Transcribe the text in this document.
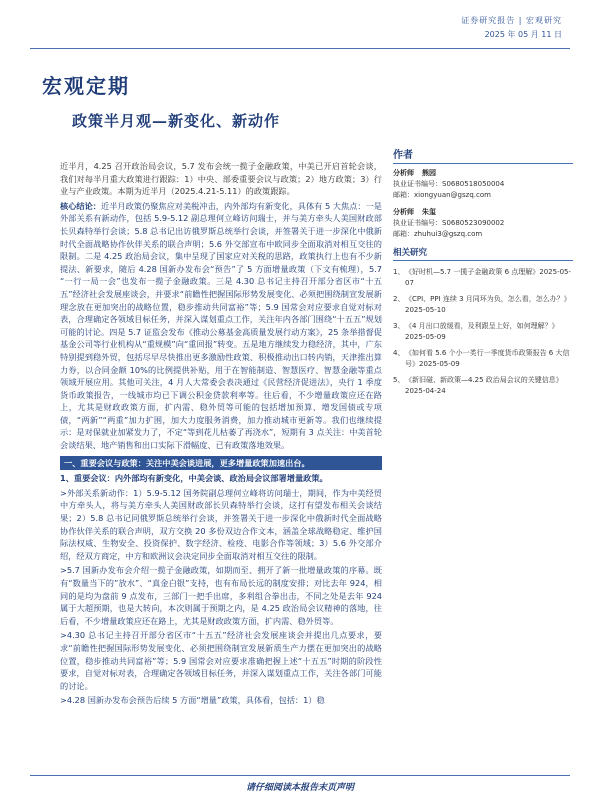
证券研究报告 | 宏观研究
2025 年 05 月 11 日
宏观定期
政策半月观—新变化、新动作

近半月，4.25 召开政治局会议，5.7 发布会统一揽子金融政策，中美已开启首轮会谈，我们对每半月重大政策进行跟踪：1）中央、部委重要会议与政策；2）地方政策；3）行业与产业政策。本期为近半月（2025.4.21-5.11）的政策跟踪。

核心结论：近半月政策仍聚焦应对美税冲击，内外部均有新变化，具体有 5 大焦点：一是外部关系有新动作，包括 5.9-5.12 副总理何立峰访问瑞士，并与美方牵头人美国财政部长贝森特举行会谈；5.8 总书记出访俄罗斯总统举行会谈，并签署关于进一步深化中俄新时代全面战略协作伙伴关系的联合声明；5.6 外交部宣布中欧同步全面取消对相互交往的限制。二是 4.25 政治局会议，集中呈现了国家应对关税的思路，政策执行上也有不少新提法、新要求，随后 4.28 国新办发布会“预告”了 5 方面增量政策（下文有梳理），5.7 “一行一局一会”也发布一揽子金融政策。三是 4.30 总书记主持召开部分省区市“十五五”经济社会发展座谈会，并要求“前瞻性把握国际形势发展变化、必须把围绕制宣发展新理念放在更加突出的战略位置，稳步推动共同富裕”等；5.9 国常会对应要求自觉对标对表，合理确定各领域目标任务，并深入谋划重点工作，关注年内各部门围绕“十五五”规划可能的讨论。四是 5.7 证监会发布《推动公募基金高质量发展行动方案》，25 条举措督促基金公司等行业机构从“重规模”向“重回报”转变。五是地方继续发力稳经济，其中，广东特别提到稳外贸，包括尽早尽快推出更多激励性政策、积极推动出口转内销，天津推出算力券，以合同金额 10%的比例提供补贴，用于在智能制造、智慧医疗、智慧金融等重点领域开展应用。其他可关注，4 月人大常委会表决通过《民营经济促进法》，央行 1 季度货币政策报告，一线城市均已下调公积金贷款利率等。往后看，不少增量政策应还在路上，尤其是财政政策方面，扩内需、稳外贸等可能的包括增加预算、增发国债或专项债，“两新”“两重”加力扩围，加大力度服务消费，加力推动城市更新等。我们也继续提示：是对保就业加紧发力了，不定“等到花儿枯萎了再浇水”，短期有 3 点关注：中美首轮会谈结果、地产销售和出口实际下滑幅度、已有政策落地效果。

一、重要会议与政策：关注中美会谈进展，更多增量政策加速出台。
1、重要会议：内外部均有新变化，中美会谈、政治局会议部署增量政策。

>外部关系新动作：1）5.9-5.12 国务院副总理何立峰将访问瑞士，期间，作为中美经贸中方牵头人，将与美方牵头人美国财政部长贝森特举行会谈，这打有望发布相关会谈结果；2）5.8 总书记同俄罗斯总统举行会谈，并签署关于进一步深化中俄新时代全面战略协作伙伴关系的联合声明，双方交换 20 多份双边合作文本，涵盖全球战略稳定、维护国际法权威、生物安全、投资保护、数字经济、检疫、电影合作等领域；3）5.6 外交部介绍，经双方商定，中方和欧洲议会决定同步全面取消对相互交往的限制。

>5.7 国新办发布会介绍一揽子金融政策，如期而至、拥开了新一批增量政策的序幕。既有“数量当下的”放水”、“真金白银”支持，也有布局长远的制度安排；对比去年 924，相同的是均为盘前 9 点发布，三部门一把手出席，多利组合拳出击，不同之处是去年 924 属于大超预期，也是大转向，本次则属于预期之内，是 4.25 政治局会议精神的落地，往后看，不少增量政策应还在路上，尤其是财政政策方面，扩内需、稳外贸等。

>4.30 总书记主持召开部分省区市“十五五”经济社会发展座谈会并提出几点要求，要求“前瞻性把握国际形势发展变化、必须把围绕制宣发展新质生产力摆在更加突出的战略位置，稳步推动共同富裕”等；5.9 国常会对应要求准确把握上述“十五五”时期的阶段性要求，自觉对标对表，合理确定各领域目标任务，并深入谋划重点工作，关注各部门可能的讨论。

>4.28 国新办发布会预告后续 5 方面“增量”政策，具体看，包括：1）稳

作者
分析师 熊园
执业证书编号：S0680518050004
邮箱：xiongyuan@gszq.com
分析师 朱玺
执业证书编号：S0680523090002
邮箱：zhuhui3@gszq.com
相关研究
1、 《好时机—5.7 一揽子金融政策 6 点理解》2025-05-07
2、 《CPI、PPI 连续 3 月同环为负，怎么看，怎么办？》2025-05-10
3、 《4 月出口放缓看，及利跟呈上好，如何理解？》2025-05-09
4、 《如何看 5.6 个小一类行一季度货币政策报告 6 大信号》2025-05-09
5、 《新旧碰、新政策—4.25 政治局会议的关键信息》2025-04-24
请仔细阅读本报告末页声明
